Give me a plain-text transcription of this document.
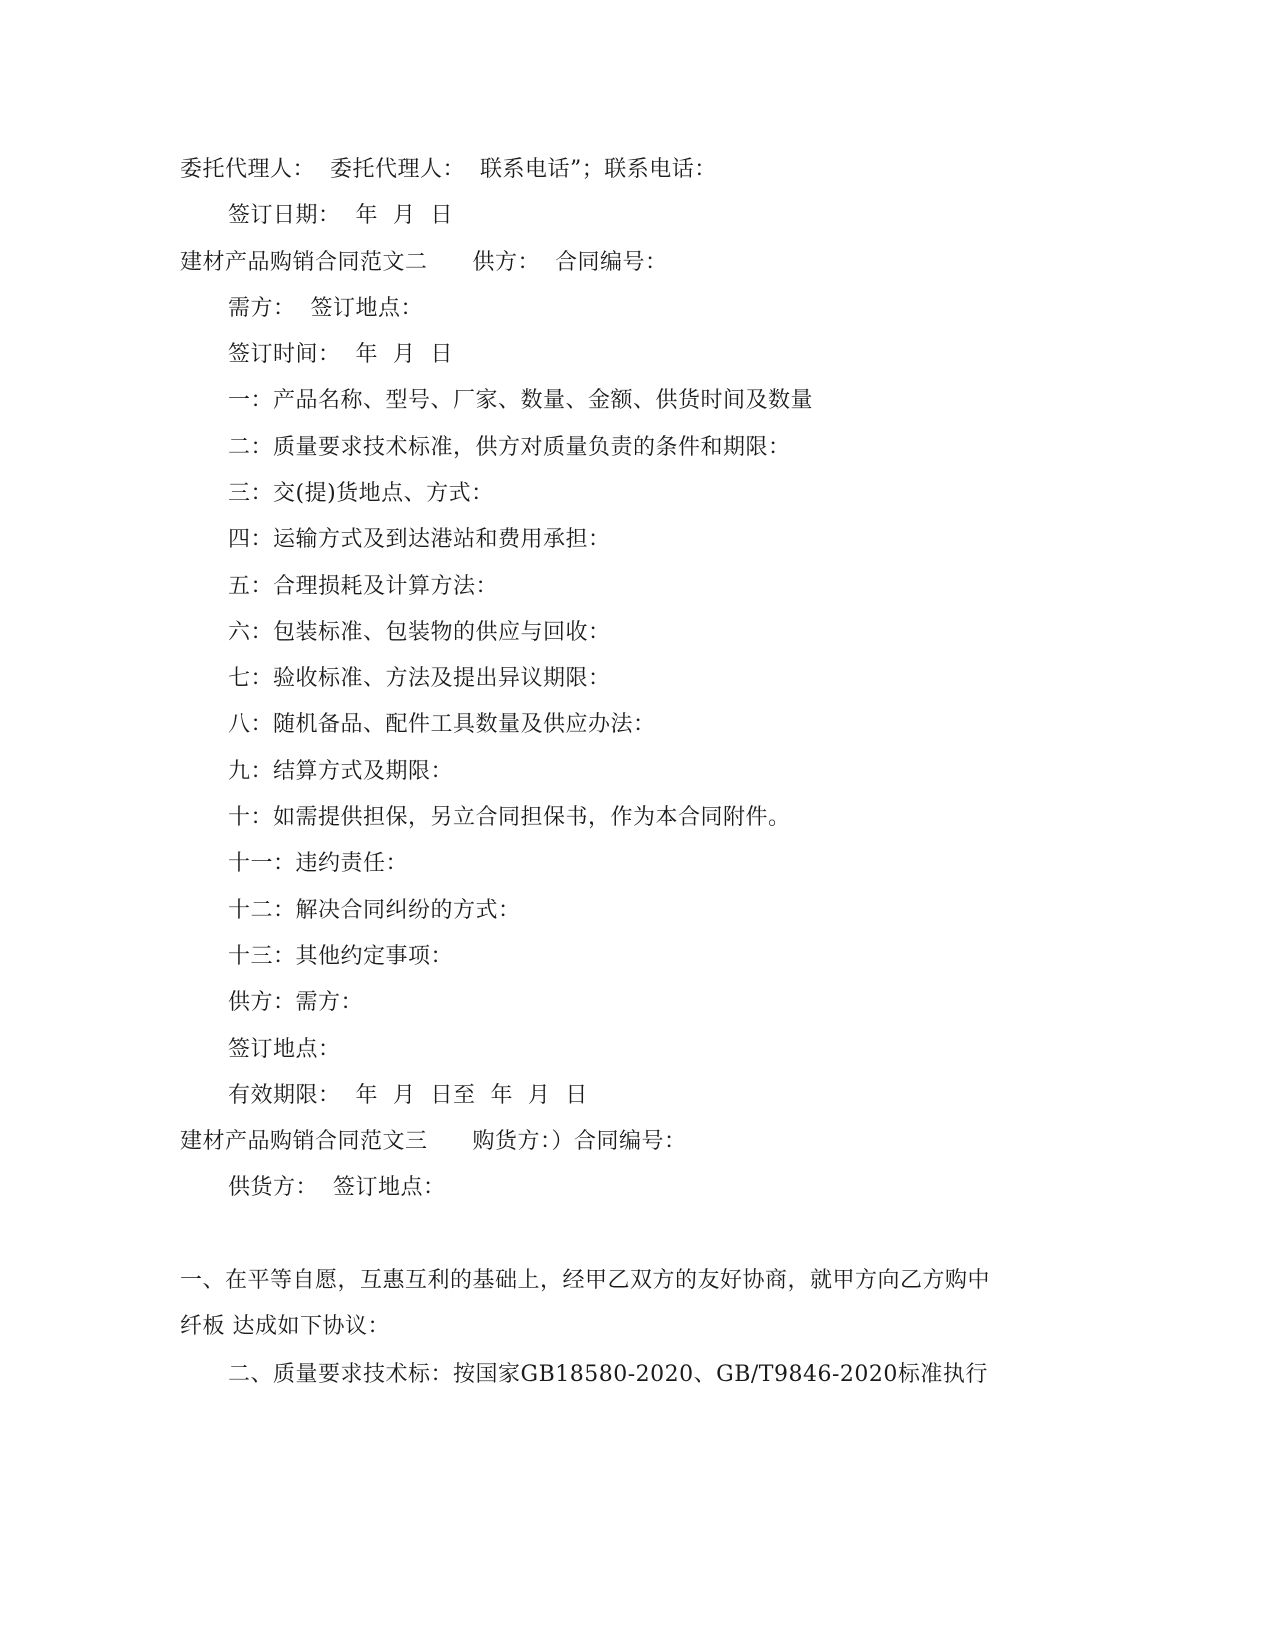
委托代理人：  委托代理人：  联系电话”；联系电话：
签订日期：  年  月  日
建材产品购销合同范文二      供方：  合同编号：
需方：  签订地点：
签订时间：  年  月  日
一：产品名称、型号、厂家、数量、金额、供货时间及数量
二：质量要求技术标准，供方对质量负责的条件和期限：
三：交(提)货地点、方式：
四：运输方式及到达港站和费用承担：
五：合理损耗及计算方法：
六：包装标准、包装物的供应与回收：
七：验收标准、方法及提出异议期限：
八：随机备品、配件工具数量及供应办法：
九：结算方式及期限：
十：如需提供担保，另立合同担保书，作为本合同附件。
十一：违约责任：
十二：解决合同纠纷的方式：
十三：其他约定事项：
供方：需方：
签订地点：
有效期限：  年  月  日至  年  月  日
建材产品购销合同范文三      购货方：）合同编号：
供货方：  签订地点：
一、在平等自愿，互惠互利的基础上，经甲乙双方的友好协商，就甲方向乙方购中
纤板 达成如下协议：
二、质量要求技术标：按国家GB18580-2020、GB/T9846-2020标准执行
